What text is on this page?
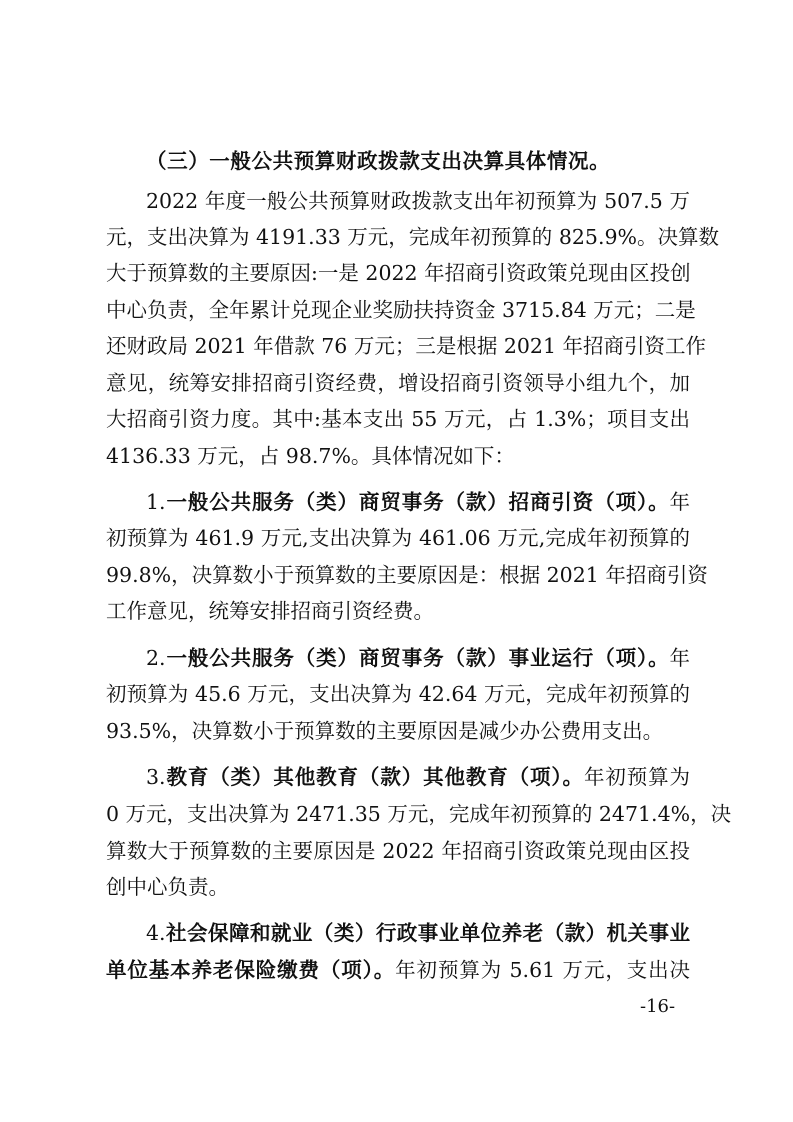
（三）一般公共预算财政拨款支出决算具体情况。
2022 年度一般公共预算财政拨款支出年初预算为 507.5 万
元，支出决算为 4191.33 万元，完成年初预算的 825.9%。决算数
大于预算数的主要原因:一是 2022 年招商引资政策兑现由区投创
中心负责，全年累计兑现企业奖励扶持资金 3715.84 万元；二是
还财政局 2021 年借款 76 万元；三是根据 2021 年招商引资工作
意见，统筹安排招商引资经费，增设招商引资领导小组九个，加
大招商引资力度。其中:基本支出 55 万元，占 1.3%；项目支出
4136.33 万元，占 98.7%。具体情况如下：
1.一般公共服务（类）商贸事务（款）招商引资（项）。年
初预算为 461.9 万元,支出决算为 461.06 万元,完成年初预算的
99.8%，决算数小于预算数的主要原因是：根据 2021 年招商引资
工作意见，统筹安排招商引资经费。
2.一般公共服务（类）商贸事务（款）事业运行（项）。年
初预算为 45.6 万元，支出决算为 42.64 万元，完成年初预算的
93.5%，决算数小于预算数的主要原因是减少办公费用支出。
3.教育（类）其他教育（款）其他教育（项）。年初预算为
0 万元，支出决算为 2471.35 万元，完成年初预算的 2471.4%，决
算数大于预算数的主要原因是 2022 年招商引资政策兑现由区投
创中心负责。
4.社会保障和就业（类）行政事业单位养老（款）机关事业
单位基本养老保险缴费（项）。年初预算为 5.61 万元，支出决
-16-
